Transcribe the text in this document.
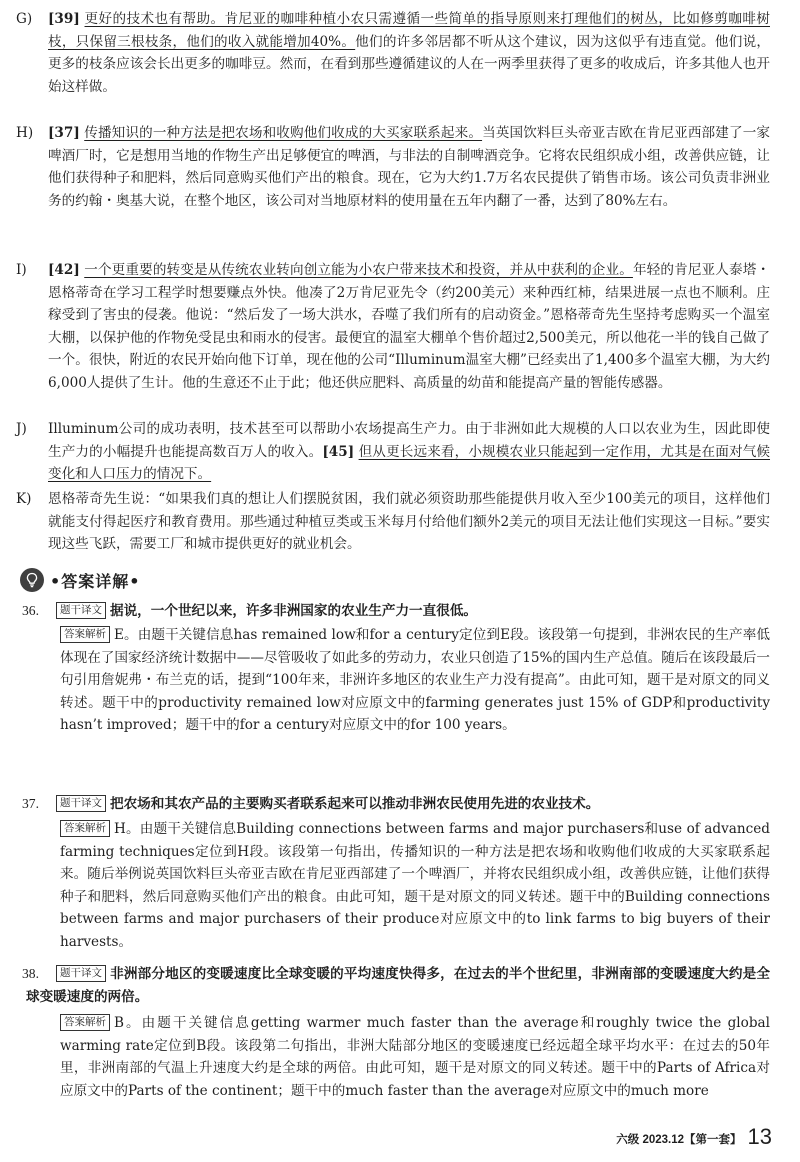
G)	[39] 更好的技术也有帮助。肯尼亚的咖啡种植小农只需遵循一些简单的指导原则来打理他们的树丛，比如修剪咖啡树枝，只保留三根枝条，他们的收入就能增加40%。他们的许多邻居都不听从这个建议，因为这似乎有违直觉。他们说，更多的枝条应该会长出更多的咖啡豆。然而，在看到那些遵循建议的人在一两季里获得了更多的收成后，许多其他人也开始这样做。
H)	[37] 传播知识的一种方法是把农场和收购他们收成的大买家联系起来。当英国饮料巨头帝亚吉欧在肯尼亚西部建了一家啤酒厂时，它是想用当地的作物生产出足够便宜的啤酒，与非法的自制啤酒竞争。它将农民组织成小组，改善供应链，让他们获得种子和肥料，然后同意购买他们产出的粮食。现在，它为大约1.7万名农民提供了销售市场。该公司负责非洲业务的约翰・奥基大说，在整个地区，该公司对当地原材料的使用量在五年内翻了一番，达到了80%左右。
I)	[42] 一个更重要的转变是从传统农业转向创立能为小农户带来技术和投资，并从中获利的企业。年轻的肯尼亚人泰塔・恩格蒂奇在学习工程学时想要赚点外快。他凑了2万肯尼亚先令（约200美元）来种西红柿，结果进展一点也不顺利。庄稼受到了害虫的侵袭。他说：“然后发了一场大洪水，吞噬了我们所有的启动资金。”恩格蒂奇先生坚持考虑购买一个温室大棚，以保护他的作物免受昆虫和雨水的侵害。最便宜的温室大棚单个售价超过2,500美元，所以他花一半的钱自己做了一个。很快，附近的农民开始向他下订单，现在他的公司“Illuminum温室大棚”已经卖出了1,400多个温室大棚，为大约6,000人提供了生计。他的生意还不止于此；他还供应肥料、高质量的幼苗和能提高产量的智能传感器。
J)	Illuminum公司的成功表明，技术甚至可以帮助小农场提高生产力。由于非洲如此大规模的人口以农业为生，因此即使生产力的小幅提升也能提高数百万人的收入。[45] 但从更长远来看，小规模农业只能起到一定作用，尤其是在面对气候变化和人口压力的情况下。
K)	恩格蒂奇先生说：“如果我们真的想让人们摆脱贫困，我们就必须资助那些能提供月收入至少100美元的项目，这样他们就能支付得起医疗和教育费用。那些通过种植豆类或玉米每月付给他们额外2美元的项目无法让他们实现这一目标。”要实现这些飞跃，需要工厂和城市提供更好的就业机会。
•答案详解•
36. 题干译文 据说，一个世纪以来，许多非洲国家的农业生产力一直很低。
答案解析 E。由题干关键信息has remained low和for a century定位到E段。该段第一句提到，非洲农民的生产率低体现在了国家经济统计数据中——尽管吸收了如此多的劳动力，农业只创造了15%的国内生产总值。随后在该段最后一句引用詹妮弗・布兰克的话，提到“100年来，非洲许多地区的农业生产力没有提高”。由此可知，题干是对原文的同义转述。题干中的productivity remained low对应原文中的farming generates just 15% of GDP和productivity hasn’t improved；题干中的for a century对应原文中的for 100 years。
37. 题干译文 把农场和其农产品的主要购买者联系起来可以推动非洲农民使用先进的农业技术。
答案解析 H。由题干关键信息Building connections between farms and major purchasers和use of advanced farming techniques定位到H段。该段第一句指出，传播知识的一种方法是把农场和收购他们收成的大买家联系起来。随后举例说英国饮料巨头帝亚吉欧在肯尼亚西部建了一个啤酒厂，并将农民组织成小组，改善供应链，让他们获得种子和肥料，然后同意购买他们产出的粮食。由此可知，题干是对原文的同义转述。题干中的Building connections between farms and major purchasers of their produce对应原文中的to link farms to big buyers of their harvests。
38. 题干译文 非洲部分地区的变暖速度比全球变暖的平均速度快得多，在过去的半个世纪里，非洲南部的变暖速度大约是全球变暖速度的两倍。
答案解析 B。由题干关键信息getting warmer much faster than the average和roughly twice the global warming rate定位到B段。该段第二句指出，非洲大陆部分地区的变暖速度已经远超全球平均水平：在过去的50年里，非洲南部的气温上升速度大约是全球的两倍。由此可知，题干是对原文的同义转述。题干中的Parts of Africa对应原文中的Parts of the continent；题干中的much faster than the average对应原文中的much more
六级 2023.12【第一套】 13
